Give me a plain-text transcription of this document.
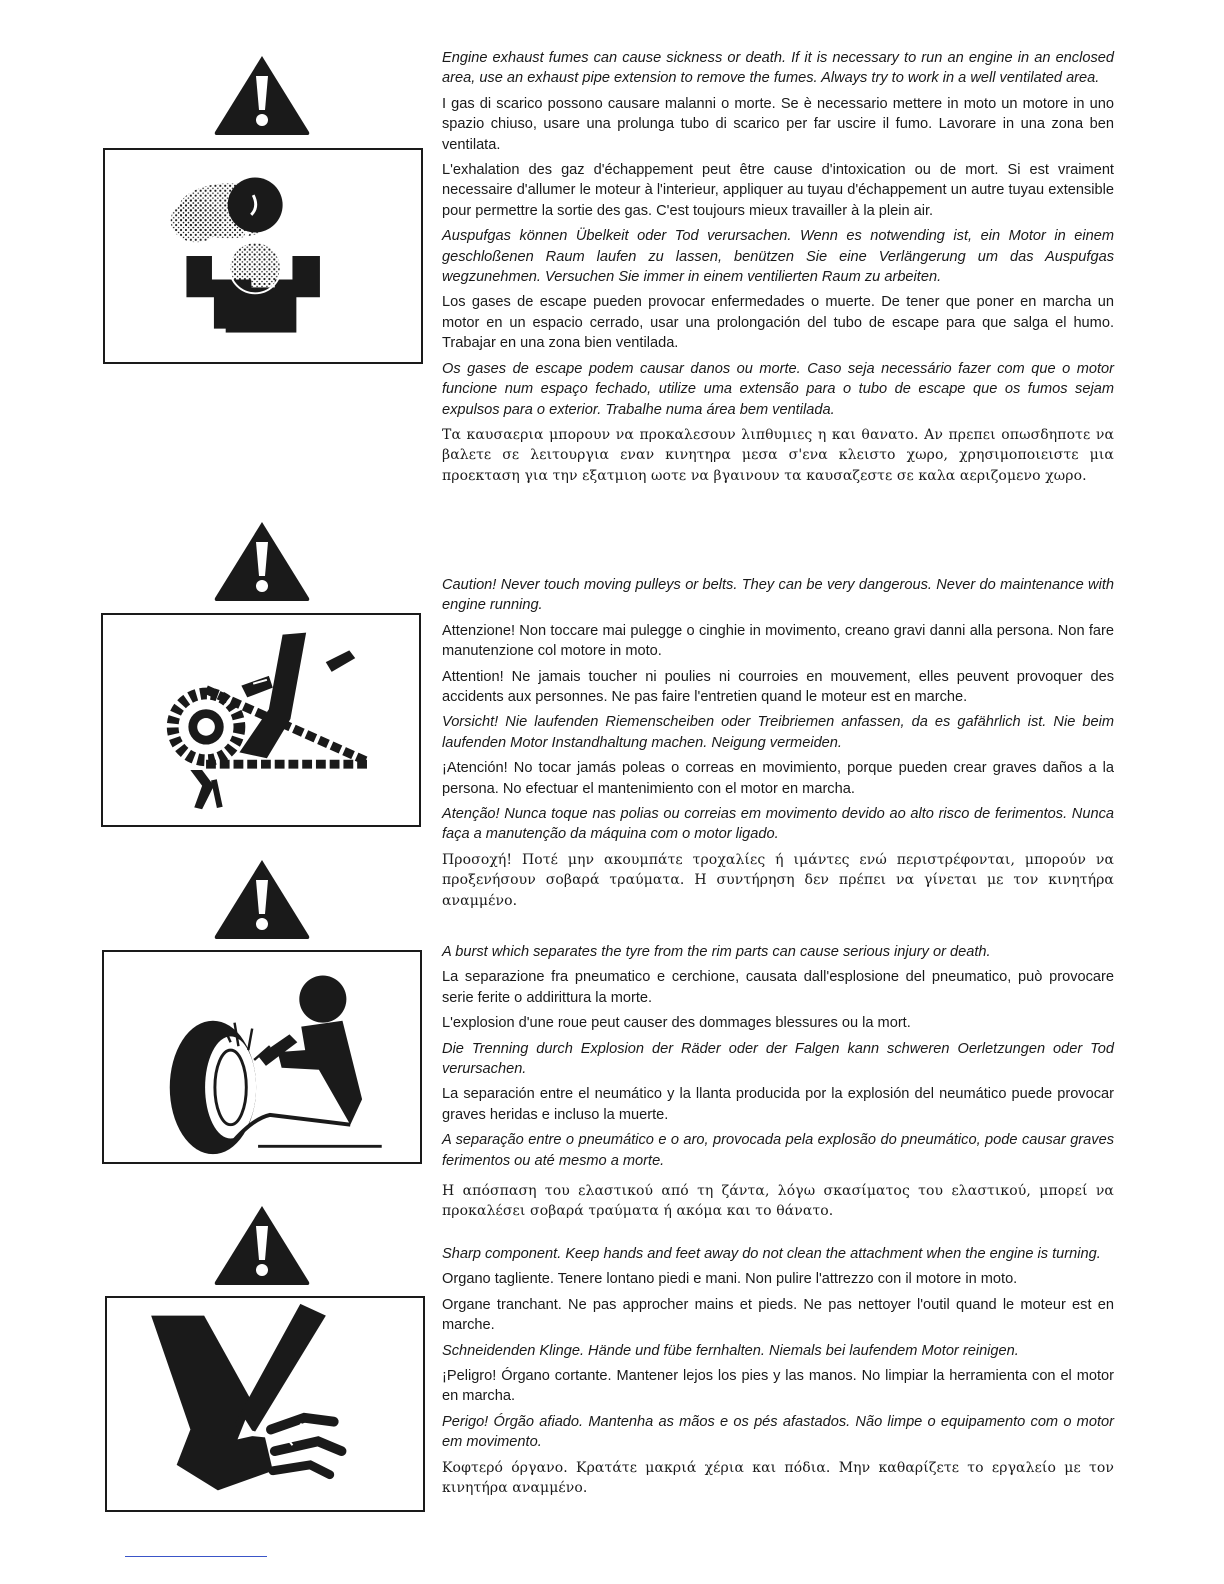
Engine exhaust fumes can cause sickness or death. If it is necessary to run an engine in an enclosed area, use an exhaust pipe extension to remove the fumes. Always try to work in a well ventilated area.

I gas di scarico possono causare malanni o morte. Se è necessario mettere in moto un motore in uno spazio chiuso, usare una prolunga tubo di scarico per far uscire il fumo. Lavorare in una zona ben ventilata.

L'exhalation des gaz d'échappement peut être cause d'intoxication ou de mort. Si est vraiment necessaire d'allumer le moteur à l'interieur, appliquer au tuyau d'échappement un autre tuyau extensible pour permettre la sortie des gas. C'est toujours mieux travailler à la plein air.

Auspufgas können Übelkeit oder Tod verursachen. Wenn es notwending ist, ein Motor in einem geschloßenen Raum laufen zu lassen, benützen Sie eine Verlängerung um das Auspufgas wegzunehmen. Versuchen Sie immer in einem ventilierten Raum zu arbeiten.

Los gases de escape pueden provocar enfermedades o muerte. De tener que poner en marcha un motor en un espacio cerrado, usar una prolongación del tubo de escape para que salga el humo. Trabajar en una zona bien ventilada.

Os gases de escape podem causar danos ou morte. Caso seja necessário fazer com que o motor funcione num espaço fechado, utilize uma extensão para o tubo de escape que os fumos sejam expulsos para o exterior. Trabalhe numa área bem ventilada.

Τα καυσαερια μπορουν να προκαλεσουν λιπθυμιες η και θανατο. Αν πρεπει οπωσδηποτε να βαλετε σε λειτουργια εναν κινητηρα μεσα σ'ενα κλειστο χωρο, χρησιμοποιειστε μια προεκταση για την εξατμιοη ωοτε να βγαινουν τα καυσαζεστε σε καλα αεριζομενο χωρο.

Caution! Never touch moving pulleys or belts. They can be very dangerous. Never do maintenance with engine running.

Attenzione! Non toccare mai pulegge o cinghie in movimento, creano gravi danni alla persona. Non fare manutenzione col motore in moto.

Attention! Ne jamais toucher ni poulies ni courroies en mouvement, elles peuvent provoquer des accidents aux personnes. Ne pas faire l'entretien quand le moteur est en marche.

Vorsicht! Nie laufenden Riemenscheiben oder Treibriemen anfassen, da es gafährlich ist. Nie beim laufenden Motor Instandhaltung machen. Neigung vermeiden.

¡Atención! No tocar jamás poleas o correas en movimiento, porque pueden crear graves daños a la persona. No efectuar el mantenimiento con el motor en marcha.

Atenção! Nunca toque nas polias ou correias em movimento devido ao alto risco de ferimentos. Nunca faça a manutenção da máquina com o motor ligado.

Προσοχή! Ποτέ μην ακουμπάτε τροχαλίες ή ιμάντες ενώ περιστρέφονται, μπορούν να προξενήσουν σοβαρά τραύματα. Η συντήρηση δεν πρέπει να γίνεται με τον κινητήρα αναμμένο.

A burst which separates the tyre from the rim parts can cause serious injury or death.

La separazione fra pneumatico e cerchione, causata dall'esplosione del pneumatico, può provocare serie ferite o addirittura la morte.

L'explosion d'une roue peut causer des dommages blessures ou la mort.

Die Trenning durch Explosion der Räder oder der Falgen kann schweren Oerletzungen oder Tod verursachen.

La separación entre el neumático y la llanta producida por la explosión del neumático puede provocar graves heridas e incluso la muerte.

A separação entre o pneumático e o aro, provocada pela explosão do pneumático, pode causar graves ferimentos ou até mesmo a morte.

Η απόσπαση του ελαστικού από τη ζάντα, λόγω σκασίματος του ελαστικού, μπορεί να προκαλέσει σοβαρά τραύματα ή ακόμα και το θάνατο.

Sharp component. Keep hands and feet away do not clean the attachment when the engine is turning.

Organo tagliente. Tenere lontano piedi e mani. Non pulire l'attrezzo con il motore in moto.

Organe tranchant. Ne pas approcher mains et pieds. Ne pas nettoyer l'outil quand le moteur est en marche.

Schneidenden Klinge. Hände und fübe fernhalten. Niemals bei laufendem Motor reinigen.

¡Peligro! Órgano cortante. Mantener lejos los pies y las manos. No limpiar la herramienta con el motor en marcha.

Perigo! Órgão afiado. Mantenha as mãos e os pés afastados. Não limpe o equipamento com o motor em movimento.

Κοφτερό όργανο. Κρατάτε μακριά χέρια και πόδια. Μην καθαρίζετε το εργαλείο με τον κινητήρα αναμμένο.
